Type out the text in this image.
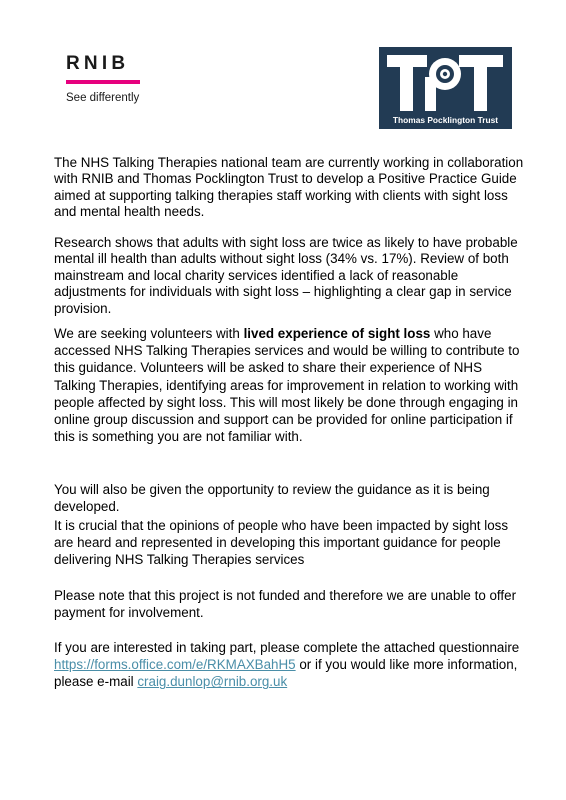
RNIB
See differently
Thomas Pocklington Trust

The NHS Talking Therapies national team are currently working in collaboration with RNIB and Thomas Pocklington Trust to develop a Positive Practice Guide aimed at supporting talking therapies staff working with clients with sight loss and mental health needs.

Research shows that adults with sight loss are twice as likely to have probable mental ill health than adults without sight loss (34% vs. 17%). Review of both mainstream and local charity services identified a lack of reasonable adjustments for individuals with sight loss – highlighting a clear gap in service provision.

We are seeking volunteers with lived experience of sight loss who have accessed NHS Talking Therapies services and would be willing to contribute to this guidance. Volunteers will be asked to share their experience of NHS Talking Therapies, identifying areas for improvement in relation to working with people affected by sight loss. This will most likely be done through engaging in online group discussion and support can be provided for online participation if this is something you are not familiar with.

You will also be given the opportunity to review the guidance as it is being developed.

It is crucial that the opinions of people who have been impacted by sight loss are heard and represented in developing this important guidance for people delivering NHS Talking Therapies services

Please note that this project is not funded and therefore we are unable to offer payment for involvement.

If you are interested in taking part, please complete the attached questionnaire https://forms.office.com/e/RKMAXBahH5 or if you would like more information, please e-mail craig.dunlop@rnib.org.uk
